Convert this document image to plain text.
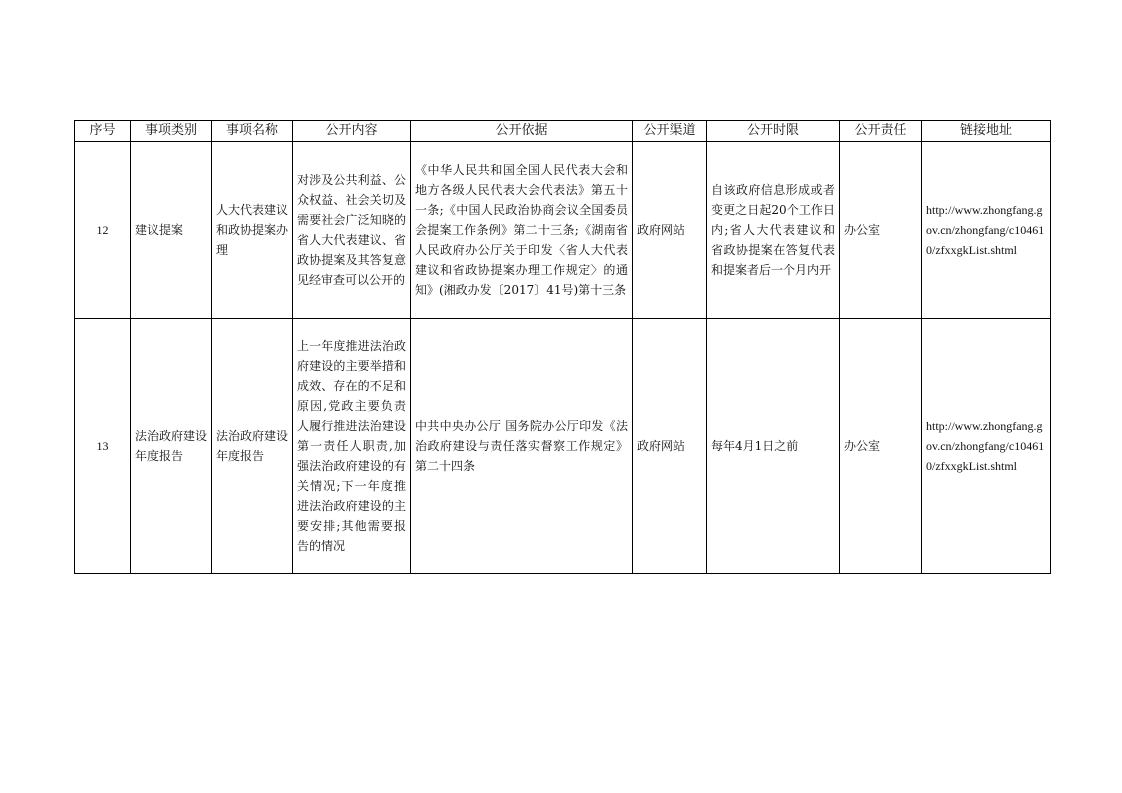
序号	事项类别	事项名称	公开内容	公开依据	公开渠道	公开时限	公开责任	链接地址
12	建议提案	人大代表建议和政协提案办理	对涉及公共利益、公众权益、社会关切及需要社会广泛知晓的省人大代表建议、省政协提案及其答复意见经审查可以公开的	《中华人民共和国全国人民代表大会和地方各级人民代表大会代表法》第五十一条;《中国人民政治协商会议全国委员会提案工作条例》第二十三条;《湖南省人民政府办公厅关于印发〈省人大代表建议和省政协提案办理工作规定〉的通知》(湘政办发〔2017〕41号)第十三条	政府网站	自该政府信息形成或者变更之日起20个工作日内;省人大代表建议和省政协提案在答复代表和提案者后一个月内开	办公室	http://www.zhongfang.gov.cn/zhongfang/c104610/zfxxgkList.shtml
13	法治政府建设年度报告	法治政府建设年度报告	上一年度推进法治政府建设的主要举措和成效、存在的不足和原因,党政主要负责人履行推进法治建设第一责任人职责,加强法治政府建设的有关情况;下一年度推进法治政府建设的主要安排;其他需要报告的情况	中共中央办公厅 国务院办公厅印发《法治政府建设与责任落实督察工作规定》第二十四条	政府网站	每年4月1日之前	办公室	http://www.zhongfang.gov.cn/zhongfang/c104610/zfxxgkList.shtml
